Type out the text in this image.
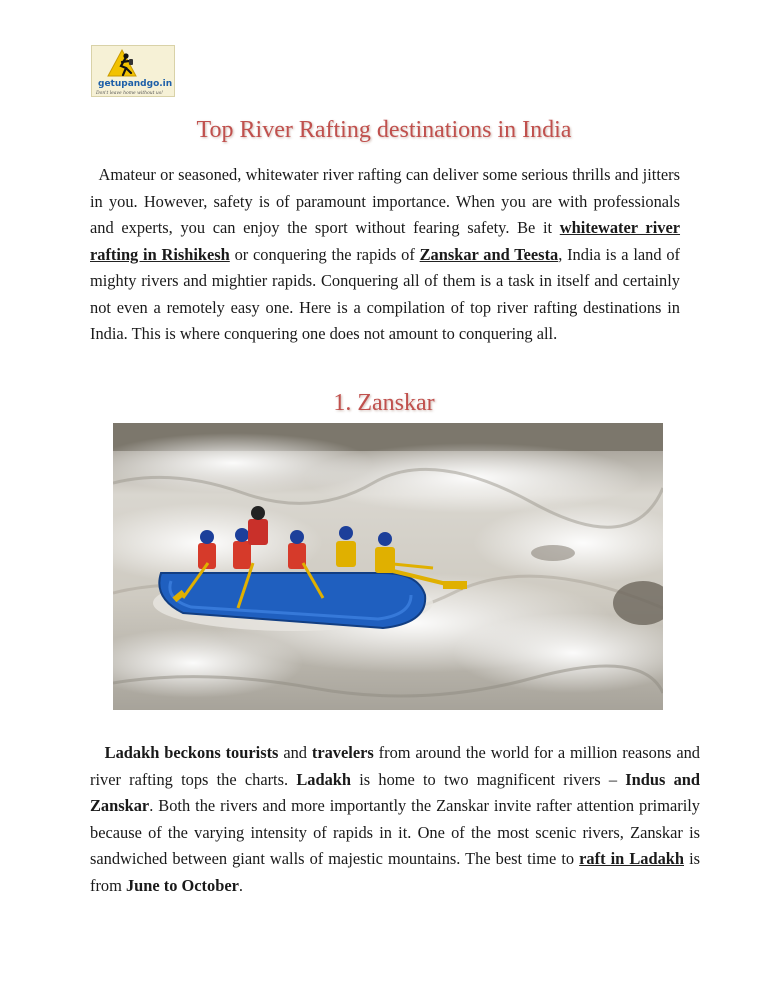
getupandgo.in
Don't leave home without us!
Top River Rafting destinations in India

Amateur or seasoned, whitewater river rafting can deliver some serious thrills and jitters in you. However, safety is of paramount importance. When you are with professionals and experts, you can enjoy the sport without fearing safety. Be it whitewater river rafting in Rishikesh or conquering the rapids of Zanskar and Teesta, India is a land of mighty rivers and mightier rapids. Conquering all of them is a task in itself and certainly not even a remotely easy one. Here is a compilation of top river rafting destinations in India. This is where conquering one does not amount to conquering all.

1. Zanskar

Ladakh beckons tourists and travelers from around the world for a million reasons and river rafting tops the charts. Ladakh is home to two magnificent rivers – Indus and Zanskar. Both the rivers and more importantly the Zanskar invite rafter attention primarily because of the varying intensity of rapids in it. One of the most scenic rivers, Zanskar is sandwiched between giant walls of majestic mountains. The best time to raft in Ladakh is from June to October.
